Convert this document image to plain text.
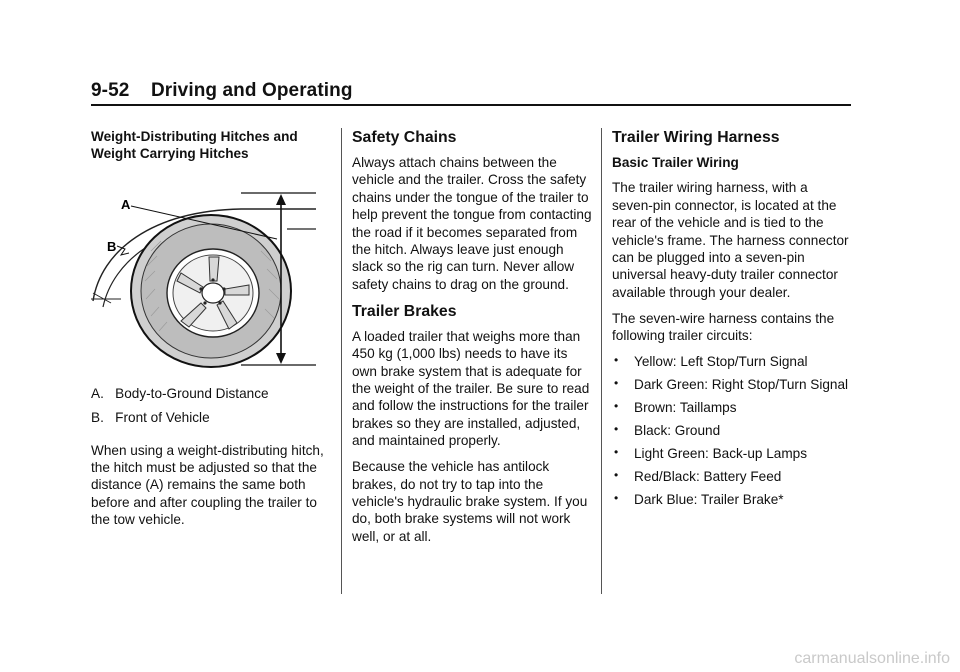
9-52 Driving and Operating
Weight-Distributing Hitches and Weight Carrying Hitches
A
B
A.   Body-to-Ground Distance
B.   Front of Vehicle

When using a weight-distributing hitch, the hitch must be adjusted so that the distance (A) remains the same both before and after coupling the trailer to the tow vehicle.

Safety Chains

Always attach chains between the vehicle and the trailer. Cross the safety chains under the tongue of the trailer to help prevent the tongue from contacting the road if it becomes separated from the hitch. Always leave just enough slack so the rig can turn. Never allow safety chains to drag on the ground.

Trailer Brakes

A loaded trailer that weighs more than 450 kg (1,000 lbs) needs to have its own brake system that is adequate for the weight of the trailer. Be sure to read and follow the instructions for the trailer brakes so they are installed, adjusted, and maintained properly.

Because the vehicle has antilock brakes, do not try to tap into the vehicle's hydraulic brake system. If you do, both brake systems will not work well, or at all.

Trailer Wiring Harness
Basic Trailer Wiring

The trailer wiring harness, with a seven-pin connector, is located at the rear of the vehicle and is tied to the vehicle's frame. The harness connector can be plugged into a seven-pin universal heavy-duty trailer connector available through your dealer.

The seven-wire harness contains the following trailer circuits:

• Yellow: Left Stop/Turn Signal
• Dark Green: Right Stop/Turn Signal
• Brown: Taillamps
• Black: Ground
• Light Green: Back-up Lamps
• Red/Black: Battery Feed
• Dark Blue: Trailer Brake*
carmanualsonline.info
